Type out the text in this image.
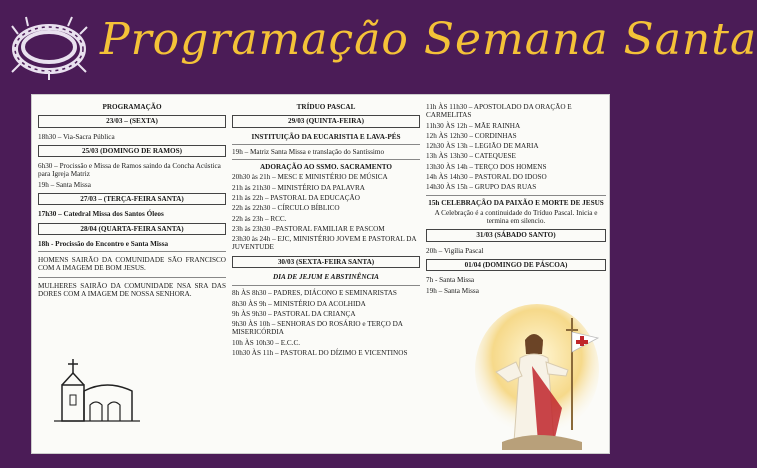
Programação Semana Santa
PROGRAMAÇÃO
23/03 – (SEXTA)
18h30 – Via-Sacra Pública
25/03 (DOMINGO DE RAMOS)
6h30 – Procissão e Missa de Ramos saindo da Concha Acústica para Igreja Matriz
19h – Santa Missa
27/03 – (TERÇA-FEIRA SANTA)
17h30 – Catedral Missa dos Santos Óleos
28/04 (QUARTA-FEIRA SANTA)
18h - Procissão do Encontro e Santa Missa
HOMENS SAIRÃO DA COMUNIDADE SÃO FRANCISCO COM A IMAGEM DE BOM JESUS.
MULHERES SAIRÃO DA COMUNIDADE NSA SRA DAS DORES COM A IMAGEM DE NOSSA SENHORA.
TRÍDUO PASCAL
29/03 (QUINTA-FEIRA)
INSTITUIÇÃO DA EUCARISTIA E LAVA-PÉS
19h – Matriz Santa Missa e translação do Santíssimo
ADORAÇÃO AO SSMO. SACRAMENTO
20h30 às 21h – MESC E MINISTÉRIO DE MÚSICA
21h às 21h30 – MINISTÉRIO DA PALAVRA
21h às 22h – PASTORAL DA EDUCAÇÃO
22h às 22h30 – CÍRCULO BÍBLICO
22h às 23h – RCC.
23h às 23h30 –PASTORAL FAMILIAR E PASCOM
23h30 às 24h – EJC, MINISTÉRIO JOVEM E PASTORAL DA JUVENTUDE
30/03 (SEXTA-FEIRA SANTA)
DIA DE JEJUM E ABSTINÊNCIA
8h ÀS 8h30 – PADRES, DIÁCONO E SEMINARISTAS
8h30 ÀS 9h – MINISTÉRIO DA ACOLHIDA
9h ÀS 9h30 – PASTORAL DA CRIANÇA
9h30 ÀS 10h – SENHORAS DO ROSÁRIO e TERÇO DA MISERICÓRDIA
10h ÀS 10h30 – E.C.C.
10h30 ÀS 11h – PASTORAL DO DÍZIMO E VICENTINOS
11h ÀS 11h30 – APOSTOLADO DA ORAÇÃO E CARMELITAS
11h30 ÀS 12h – MÃE RAINHA
12h ÀS 12h30 – CORDINHAS
12h30 ÀS 13h – LEGIÃO DE MARIA
13h ÀS 13h30 – CATEQUESE
13h30 ÀS 14h – TERÇO DOS HOMENS
14h ÀS 14h30 – PASTORAL DO IDOSO
14h30 ÀS 15h – GRUPO DAS RUAS
15h CELEBRAÇÃO DA PAIXÃO E MORTE DE JESUS
A Celebração é a continuidade do Tríduo Pascal. Inicia e termina em silencio.
31/03 (SÁBADO SANTO)
20h – Vigília Pascal
01/04 (DOMINGO DE PÁSCOA)
7h - Santa Missa
19h – Santa Missa
